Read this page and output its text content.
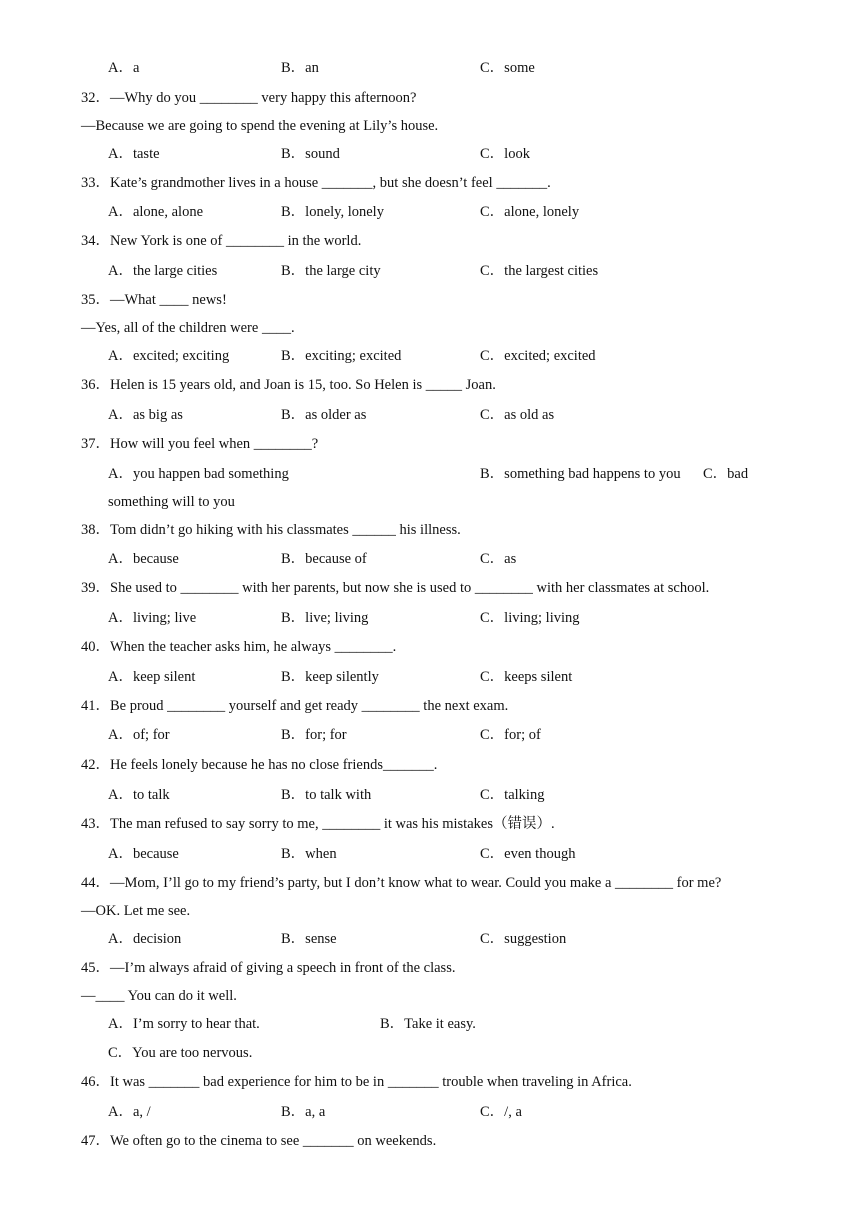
A．a	B．an	C．some
32．—Why do you ________ very happy this afternoon?
—Because we are going to spend the evening at Lily’s house.
A．taste	B．sound	C．look
33．Kate’s grandmother lives in a house _______, but she doesn’t feel _______.
A．alone, alone	B．lonely, lonely	C．alone, lonely
34．New York is one of ________ in the world.
A．the large cities	B．the large city	C．the largest cities
35．—What ____ news!
—Yes, all of the children were ____.
A．excited; exciting	B．exciting; excited	C．excited; excited
36．Helen is 15 years old, and Joan is 15, too. So Helen is _____ Joan.
A．as big as	B．as older as	C．as old as
37．How will you feel when ________?
A．you happen bad something	B．something bad happens to you C．bad
something will to you
38．Tom didn’t go hiking with his classmates ______ his illness.
A．because	B．because of	C．as
39．She used to ________ with her parents, but now she is used to ________ with her classmates at school.
A．living; live	B．live; living	C．living; living
40．When the teacher asks him, he always ________.
A．keep silent	B．keep silently	C．keeps silent
41．Be proud ________ yourself and get ready ________ the next exam.
A．of; for	B．for; for	C．for; of
42．He feels lonely because he has no close friends_______.
A．to talk	B．to talk with	C．talking
43．The man refused to say sorry to me, ________ it was his mistakes（错误）.
A．because	B．when	C．even though
44．—Mom, I’ll go to my friend’s party, but I don’t know what to wear. Could you make a ________ for me?
—OK. Let me see.
A．decision	B．sense	C．suggestion
45．—I’m always afraid of giving a speech in front of the class.
—____ You can do it well.
A．I’m sorry to hear that.	B．Take it easy.
C．You are too nervous.
46．It was _______ bad experience for him to be in _______ trouble when traveling in Africa.
A．a, /	B．a, a	C．/, a
47．We often go to the cinema to see _______ on weekends.
